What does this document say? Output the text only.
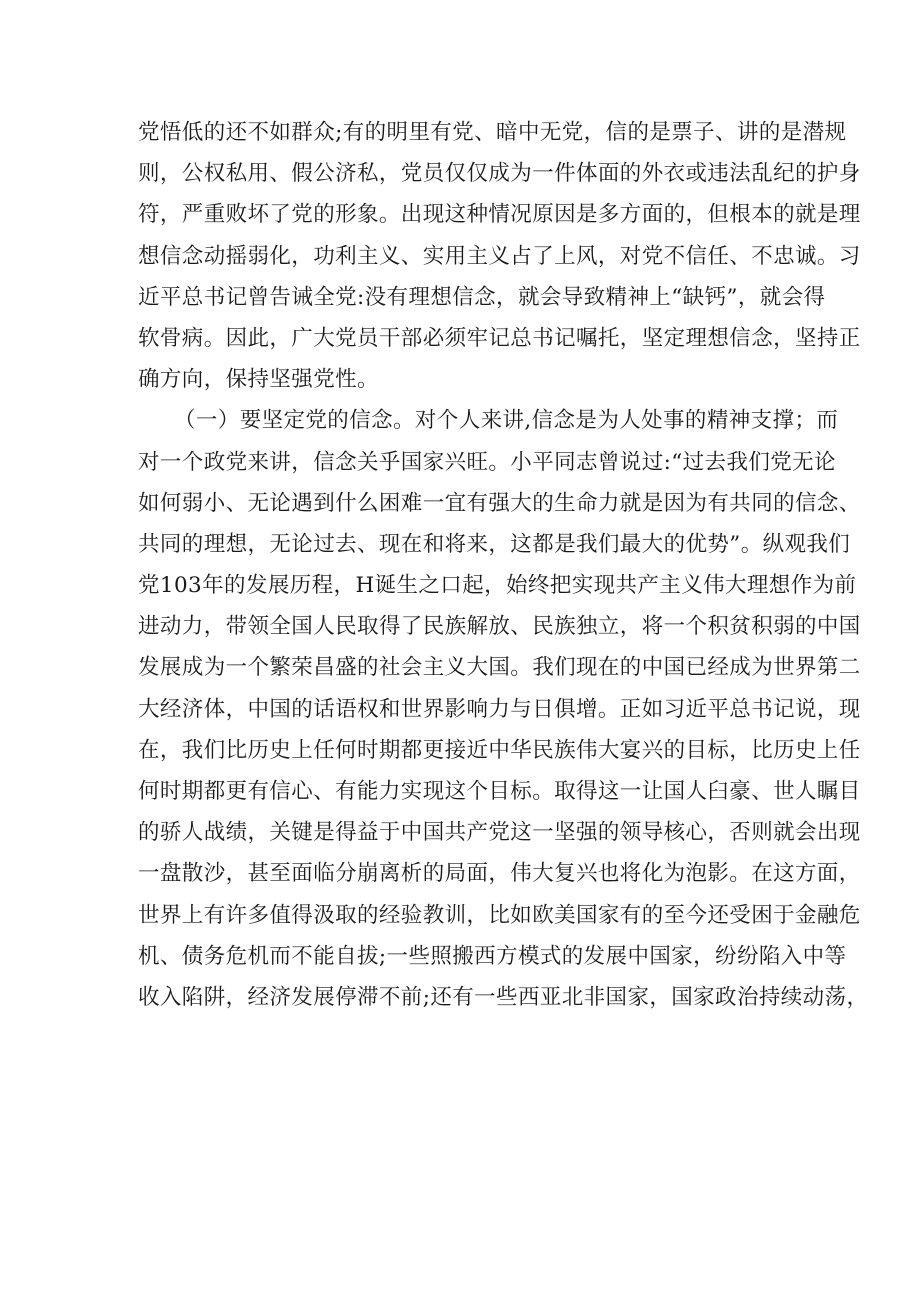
党悟低的还不如群众;有的明里有党、暗中无党，信的是票子、讲的是潜规
则，公权私用、假公济私，党员仅仅成为一件体面的外衣或违法乱纪的护身
符，严重败坏了党的形象。出现这种情况原因是多方面的，但根本的就是理
想信念动摇弱化，功利主义、实用主义占了上风，对党不信任、不忠诚。习
近平总书记曾告诫全党:没有理想信念，就会导致精神上“缺钙”，就会得
软骨病。因此，广大党员干部必须牢记总书记嘱托，坚定理想信念，坚持正
确方向，保持坚强党性。
（一）要坚定党的信念。对个人来讲,信念是为人处事的精神支撑；而
对一个政党来讲，信念关乎国家兴旺。小平同志曾说过:“过去我们党无论
如何弱小、无论遇到什么困难一宜有强大的生命力就是因为有共同的信念、
共同的理想，无论过去、现在和将来，这都是我们最大的优势”。纵观我们
党103年的发展历程，H诞生之口起，始终把实现共产主义伟大理想作为前
进动力，带领全国人民取得了民族解放、民族独立，将一个积贫积弱的中国
发展成为一个繁荣昌盛的社会主义大国。我们现在的中国已经成为世界第二
大经济体，中国的话语权和世界影响力与日俱增。正如习近平总书记说，现
在，我们比历史上任何时期都更接近中华民族伟大宴兴的目标，比历史上任
何时期都更有信心、有能力实现这个目标。取得这一让国人臼豪、世人瞩目
的骄人战绩，关键是得益于中国共产党这一坚强的领导核心，否则就会出现
一盘散沙，甚至面临分崩离析的局面，伟大复兴也将化为泡影。在这方面，
世界上有许多值得汲取的经验教训，比如欧美国家有的至今还受困于金融危
机、债务危机而不能自拔;一些照搬西方模式的发展中国家，纷纷陷入中等
收入陷阱，经济发展停滞不前;还有一些西亚北非国家，国家政治持续动荡，
